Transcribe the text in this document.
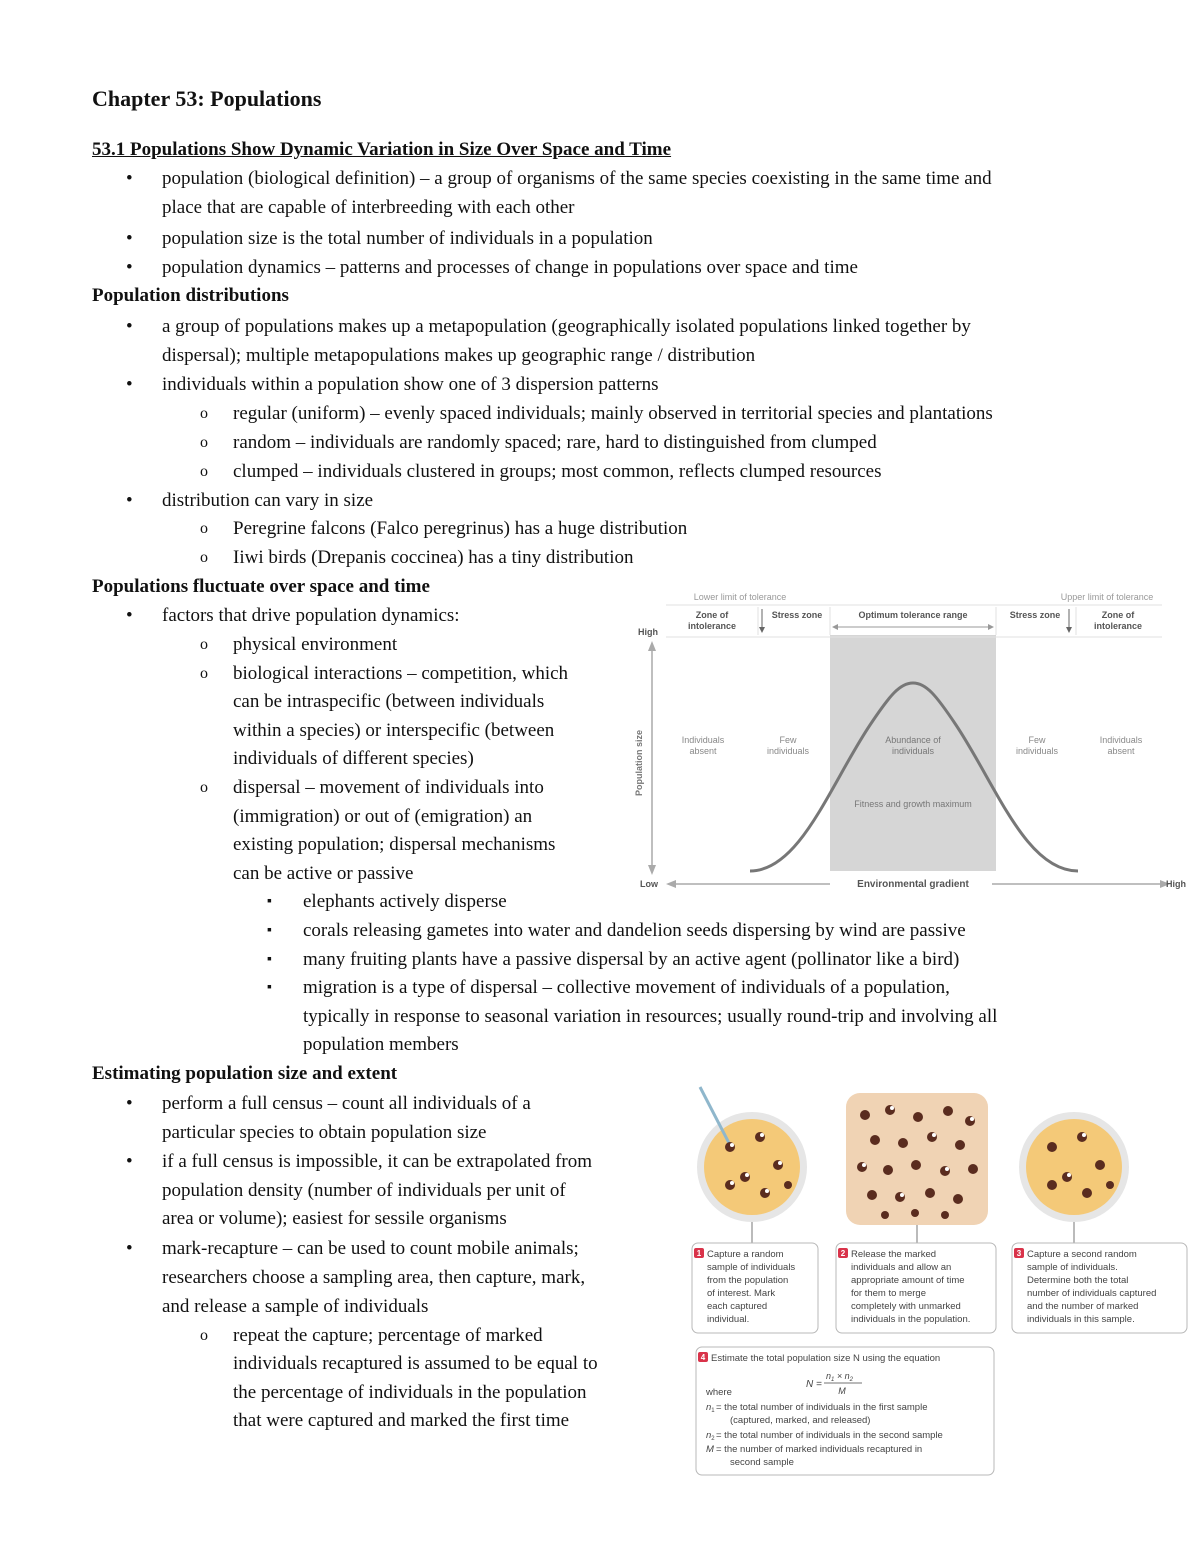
Chapter 53: Populations
53.1 Populations Show Dynamic Variation in Size Over Space and Time
• population (biological definition) – a group of organisms of the same species coexisting in the same time and
place that are capable of interbreeding with each other
• population size is the total number of individuals in a population
• population dynamics – patterns and processes of change in populations over space and time
Population distributions
• a group of populations makes up a metapopulation (geographically isolated populations linked together by
dispersal); multiple metapopulations makes up geographic range / distribution
• individuals within a population show one of 3 dispersion patterns
o regular (uniform) – evenly spaced individuals; mainly observed in territorial species and plantations
o random – individuals are randomly spaced; rare, hard to distinguished from clumped
o clumped – individuals clustered in groups; most common, reflects clumped resources
• distribution can vary in size
o Peregrine falcons (Falco peregrinus) has a huge distribution
o Iiwi birds (Drepanis coccinea) has a tiny distribution
Populations fluctuate over space and time
• factors that drive population dynamics:
o physical environment
o biological interactions – competition, which
can be intraspecific (between individuals
within a species) or interspecific (between
individuals of different species)
o dispersal – movement of individuals into
(immigration) or out of (emigration) an
existing population; dispersal mechanisms
can be active or passive
▪ elephants actively disperse
▪ corals releasing gametes into water and dandelion seeds dispersing by wind are passive
▪ many fruiting plants have a passive dispersal by an active agent (pollinator like a bird)
▪ migration is a type of dispersal – collective movement of individuals of a population,
typically in response to seasonal variation in resources; usually round-trip and involving all
population members
Estimating population size and extent
• perform a full census – count all individuals of a
particular species to obtain population size
• if a full census is impossible, it can be extrapolated from
population density (number of individuals per unit of
area or volume); easiest for sessile organisms
• mark-recapture – can be used to count mobile animals;
researchers choose a sampling area, then capture, mark,
and release a sample of individuals
o repeat the capture; percentage of marked
individuals recaptured is assumed to be equal to
the percentage of individuals in the population
that were captured and marked the first time
Lower limit of tolerance	Upper limit of tolerance
Zone of intolerance
Stress zone	Optimum tolerance range	Stress zone	Zone of intolerance
High
Population size
Low	Environmental gradient	High
Individuals absent
Few individuals
Abundance of individuals
Fitness and growth maximum
Few individuals
Individuals absent
1 Capture a random sample of individuals from the population of interest. Mark each captured individual.
2 Release the marked individuals and allow an appropriate amount of time for them to merge completely with unmarked individuals in the population.
3 Capture a second random sample of individuals. Determine both the total number of individuals captured and the number of marked individuals in this sample.
4 Estimate the total population size N using the equation
N =
$n_1 \times n_2$
M
where
$n_1=$ the total number of individuals in the first sample
(captured, marked, and released)
$n_2=$ the total number of individuals in the second sample
M = the number of marked individuals recaptured in
second sample
